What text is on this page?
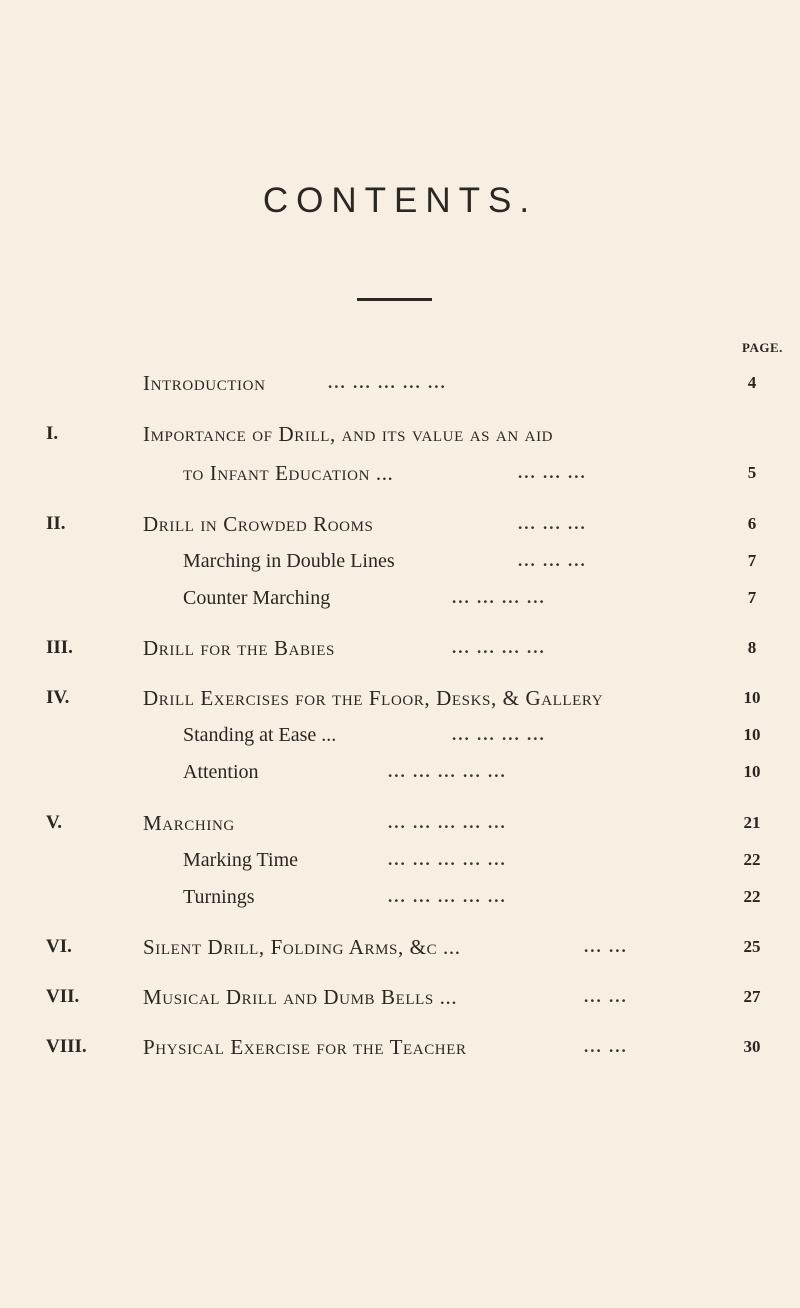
CONTENTS.
PAGE.
Introduction	... ... ... ... ...	4
I.	Importance of Drill, and its value as an aid
to Infant Education ...	... ... ...	5
II.	Drill in Crowded Rooms	... ... ...	6
Marching in Double Lines	... ... ...	7
Counter Marching	... ... ... ...	7
III.	Drill for the Babies	... ... ... ...	8
IV.	Drill Exercises for the Floor, Desks, & Gallery	10
Standing at Ease ...	... ... ... ...	10
Attention	... ... ... ... ...	10
V.	Marching	... ... ... ... ...	21
Marking Time	... ... ... ... ...	22
Turnings	... ... ... ... ...	22
VI.	Silent Drill, Folding Arms, &c ...	... ...	25
VII.	Musical Drill and Dumb Bells ...	... ...	27
VIII.	Physical Exercise for the Teacher	... ...	30
